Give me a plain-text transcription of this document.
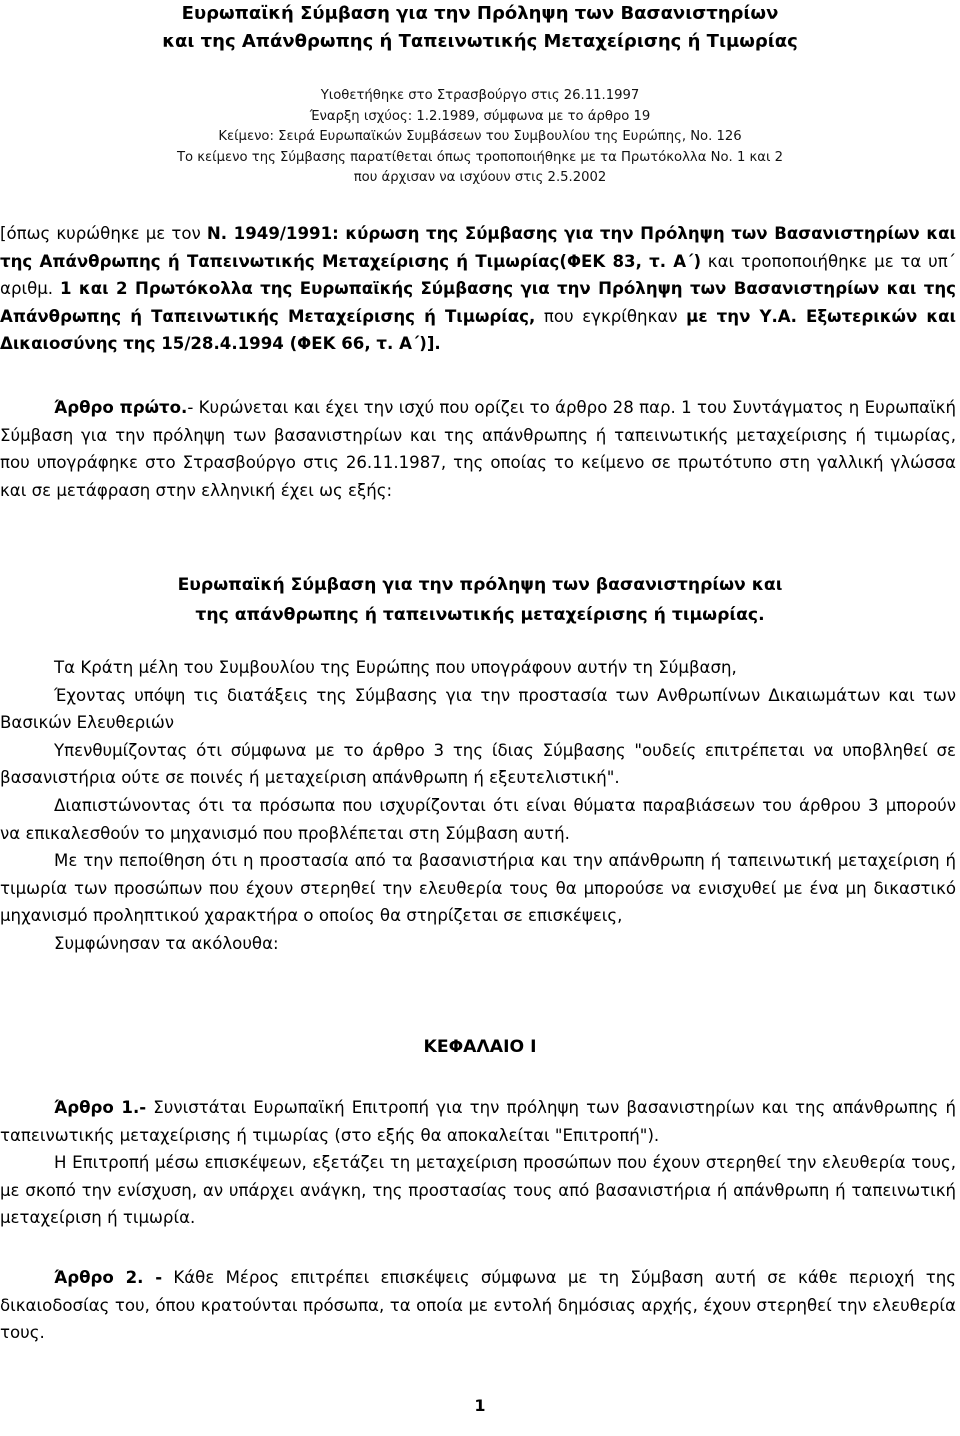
Ευρωπαϊκή Σύμβαση για την Πρόληψη των Βασανιστηρίων
και της Απάνθρωπης ή Ταπεινωτικής Μεταχείρισης ή Τιμωρίας
Υιοθετήθηκε στο Στρασβούργο στις 26.11.1997
Έναρξη ισχύος: 1.2.1989, σύμφωνα με το άρθρο 19
Κείμενο: Σειρά Ευρωπαϊκών Συμβάσεων του Συμβουλίου της Ευρώπης, Νο. 126
Το κείμενο της Σύμβασης παρατίθεται όπως τροποποιήθηκε με τα Πρωτόκολλα Νο. 1 και 2
που άρχισαν να ισχύουν στις 2.5.2002
[όπως κυρώθηκε με τον Ν. 1949/1991: κύρωση της Σύμβασης για την Πρόληψη των Βασανιστηρίων και της Απάνθρωπης ή Ταπεινωτικής Μεταχείρισης ή Τιμωρίας(ΦΕΚ 83, τ. Α΄) και τροποποιήθηκε με τα υπ΄ αριθμ. 1 και 2 Πρωτόκολλα της Ευρωπαϊκής Σύμβασης για την Πρόληψη των Βασανιστηρίων και της Απάνθρωπης ή Ταπεινωτικής Μεταχείρισης ή Τιμωρίας, που εγκρίθηκαν με την Υ.Α. Εξωτερικών και Δικαιοσύνης της 15/28.4.1994 (ΦΕΚ 66, τ. Α΄)].
Άρθρο πρώτο.- Κυρώνεται και έχει την ισχύ που ορίζει το άρθρο 28 παρ. 1 του Συντάγματος η Ευρωπαϊκή Σύμβαση για την πρόληψη των βασανιστηρίων και της απάνθρωπης ή ταπεινωτικής μεταχείρισης ή τιμωρίας, που υπογράφηκε στο Στρασβούργο στις 26.11.1987, της οποίας το κείμενο σε πρωτότυπο στη γαλλική γλώσσα και σε μετάφραση στην ελληνική έχει ως εξής:
Ευρωπαϊκή Σύμβαση για την πρόληψη των βασανιστηρίων και
της απάνθρωπης ή ταπεινωτικής μεταχείρισης ή τιμωρίας.

Τα Κράτη μέλη του Συμβουλίου της Ευρώπης που υπογράφουν αυτήν τη Σύμβαση,

Έχοντας υπόψη τις διατάξεις της Σύμβασης για την προστασία των Ανθρωπίνων Δικαιωμάτων και των Βασικών Ελευθεριών

Υπενθυμίζοντας ότι σύμφωνα με το άρθρο 3 της ίδιας Σύμβασης "ουδείς επιτρέπεται να υποβληθεί σε βασανιστήρια ούτε σε ποινές ή μεταχείριση απάνθρωπη ή εξευτελιστική".

Διαπιστώνοντας ότι τα πρόσωπα που ισχυρίζονται ότι είναι θύματα παραβιάσεων του άρθρου 3 μπορούν να επικαλεσθούν το μηχανισμό που προβλέπεται στη Σύμβαση αυτή.

Με την πεποίθηση ότι η προστασία από τα βασανιστήρια και την απάνθρωπη ή ταπεινωτική μεταχείριση ή τιμωρία των προσώπων που έχουν στερηθεί την ελευθερία τους θα μπορούσε να ενισχυθεί με ένα μη δικαστικό μηχανισμό προληπτικού χαρακτήρα ο οποίος θα στηρίζεται σε επισκέψεις,

Συμφώνησαν τα ακόλουθα:

ΚΕΦΑΛΑΙΟ Ι

Άρθρο 1.- Συνιστάται Ευρωπαϊκή Επιτροπή για την πρόληψη των βασανιστηρίων και της απάνθρωπης ή ταπεινωτικής μεταχείρισης ή τιμωρίας (στο εξής θα αποκαλείται "Επιτροπή").

Η Επιτροπή μέσω επισκέψεων, εξετάζει τη μεταχείριση προσώπων που έχουν στερηθεί την ελευθερία τους, με σκοπό την ενίσχυση, αν υπάρχει ανάγκη, της προστασίας τους από βασανιστήρια ή απάνθρωπη ή ταπεινωτική μεταχείριση ή τιμωρία.

Άρθρο 2. - Κάθε Μέρος επιτρέπει επισκέψεις σύμφωνα με τη Σύμβαση αυτή σε κάθε περιοχή της δικαιοδοσίας του, όπου κρατούνται πρόσωπα, τα οποία με εντολή δημόσιας αρχής, έχουν στερηθεί την ελευθερία τους.

1
